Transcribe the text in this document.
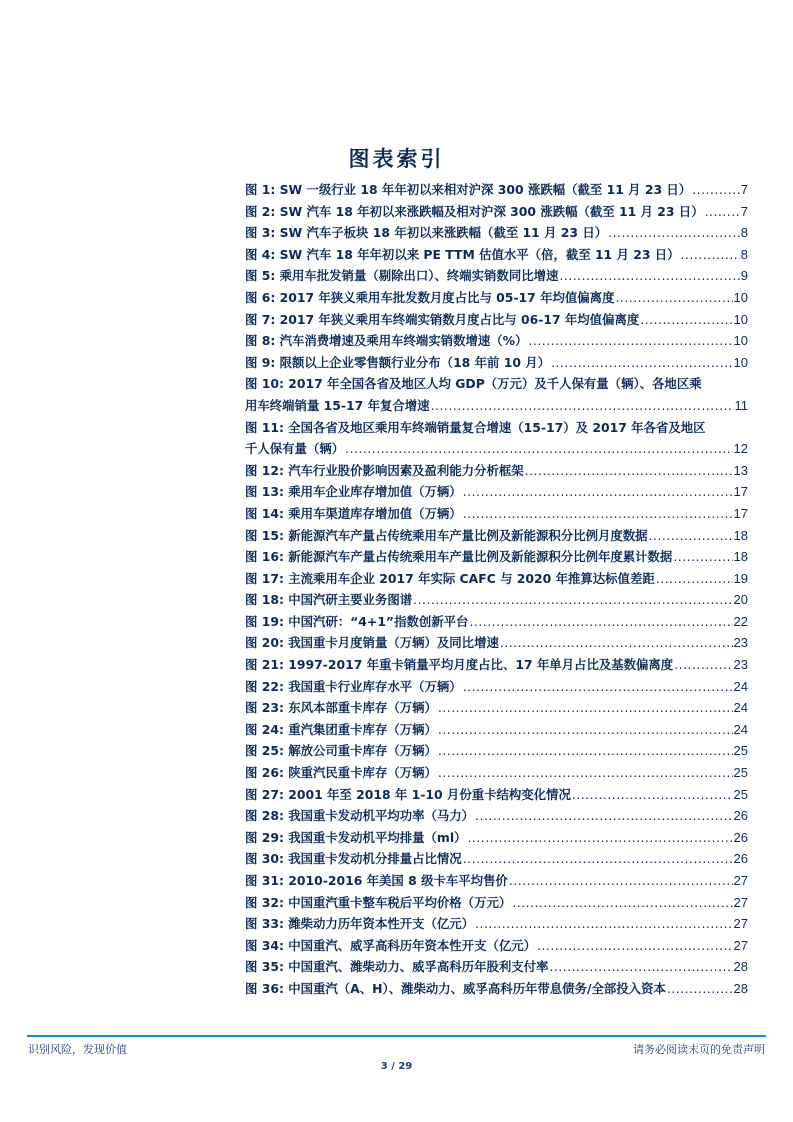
图表索引
图 1: SW 一级行业 18 年年初以来相对沪深 300 涨跌幅（截至 11 月 23 日） .....	7
图 2: SW 汽车 18 年初以来涨跌幅及相对沪深 300 涨跌幅（截至 11 月 23 日） .....	7
图 3: SW 汽车子板块 18 年初以来涨跌幅（截至 11 月 23 日） .....	8
图 4: SW 汽车 18 年年初以来 PE TTM 估值水平（倍，截至 11 月 23 日） .....	8
图 5: 乘用车批发销量（剔除出口）、终端实销数同比增速 .....	9
图 6: 2017 年狭义乘用车批发数月度占比与 05-17 年均值偏离度 .....	10
图 7: 2017 年狭义乘用车终端实销数月度占比与 06-17 年均值偏离度 .....	10
图 8: 汽车消费增速及乘用车终端实销数增速（%） .....	10
图 9: 限额以上企业零售额行业分布（18 年前 10 月） .....	10
图 10: 2017 年全国各省及地区人均 GDP（万元）及千人保有量（辆）、各地区乘
用车终端销量 15-17 年复合增速 .....	11
图 11: 全国各省及地区乘用车终端销量复合增速（15-17）及 2017 年各省及地区
千人保有量（辆） .....	12
图 12: 汽车行业股价影响因素及盈利能力分析框架 .....	13
图 13: 乘用车企业库存增加值（万辆） .....	17
图 14: 乘用车渠道库存增加值（万辆） .....	17
图 15: 新能源汽车产量占传统乘用车产量比例及新能源积分比例月度数据 .....	18
图 16: 新能源汽车产量占传统乘用车产量比例及新能源积分比例年度累计数据 .....	18
图 17: 主流乘用车企业 2017 年实际 CAFC 与 2020 年推算达标值差距 .....	19
图 18: 中国汽研主要业务图谱 .....	20
图 19: 中国汽研：“4+1”指数创新平台 .....	22
图 20: 我国重卡月度销量（万辆）及同比增速 .....	23
图 21: 1997-2017 年重卡销量平均月度占比、17 年单月占比及基数偏离度 .....	23
图 22: 我国重卡行业库存水平（万辆） .....	24
图 23: 东风本部重卡库存（万辆） .....	24
图 24: 重汽集团重卡库存（万辆） .....	24
图 25: 解放公司重卡库存（万辆） .....	25
图 26: 陕重汽民重卡库存（万辆） .....	25
图 27: 2001 年至 2018 年 1-10 月份重卡结构变化情况 .....	25
图 28: 我国重卡发动机平均功率（马力） .....	26
图 29: 我国重卡发动机平均排量（ml） .....	26
图 30: 我国重卡发动机分排量占比情况 .....	26
图 31: 2010-2016 年美国 8 级卡车平均售价 .....	27
图 32: 中国重汽重卡整车税后平均价格（万元） .....	27
图 33: 潍柴动力历年资本性开支（亿元） .....	27
图 34: 中国重汽、威孚高科历年资本性开支（亿元） .....	27
图 35: 中国重汽、潍柴动力、威孚高科历年股利支付率 .....	28
图 36: 中国重汽（A、H）、潍柴动力、威孚高科历年带息债务/全部投入资本 .....	28
识别风险，发现价值	请务必阅读末页的免责声明
3 / 29
